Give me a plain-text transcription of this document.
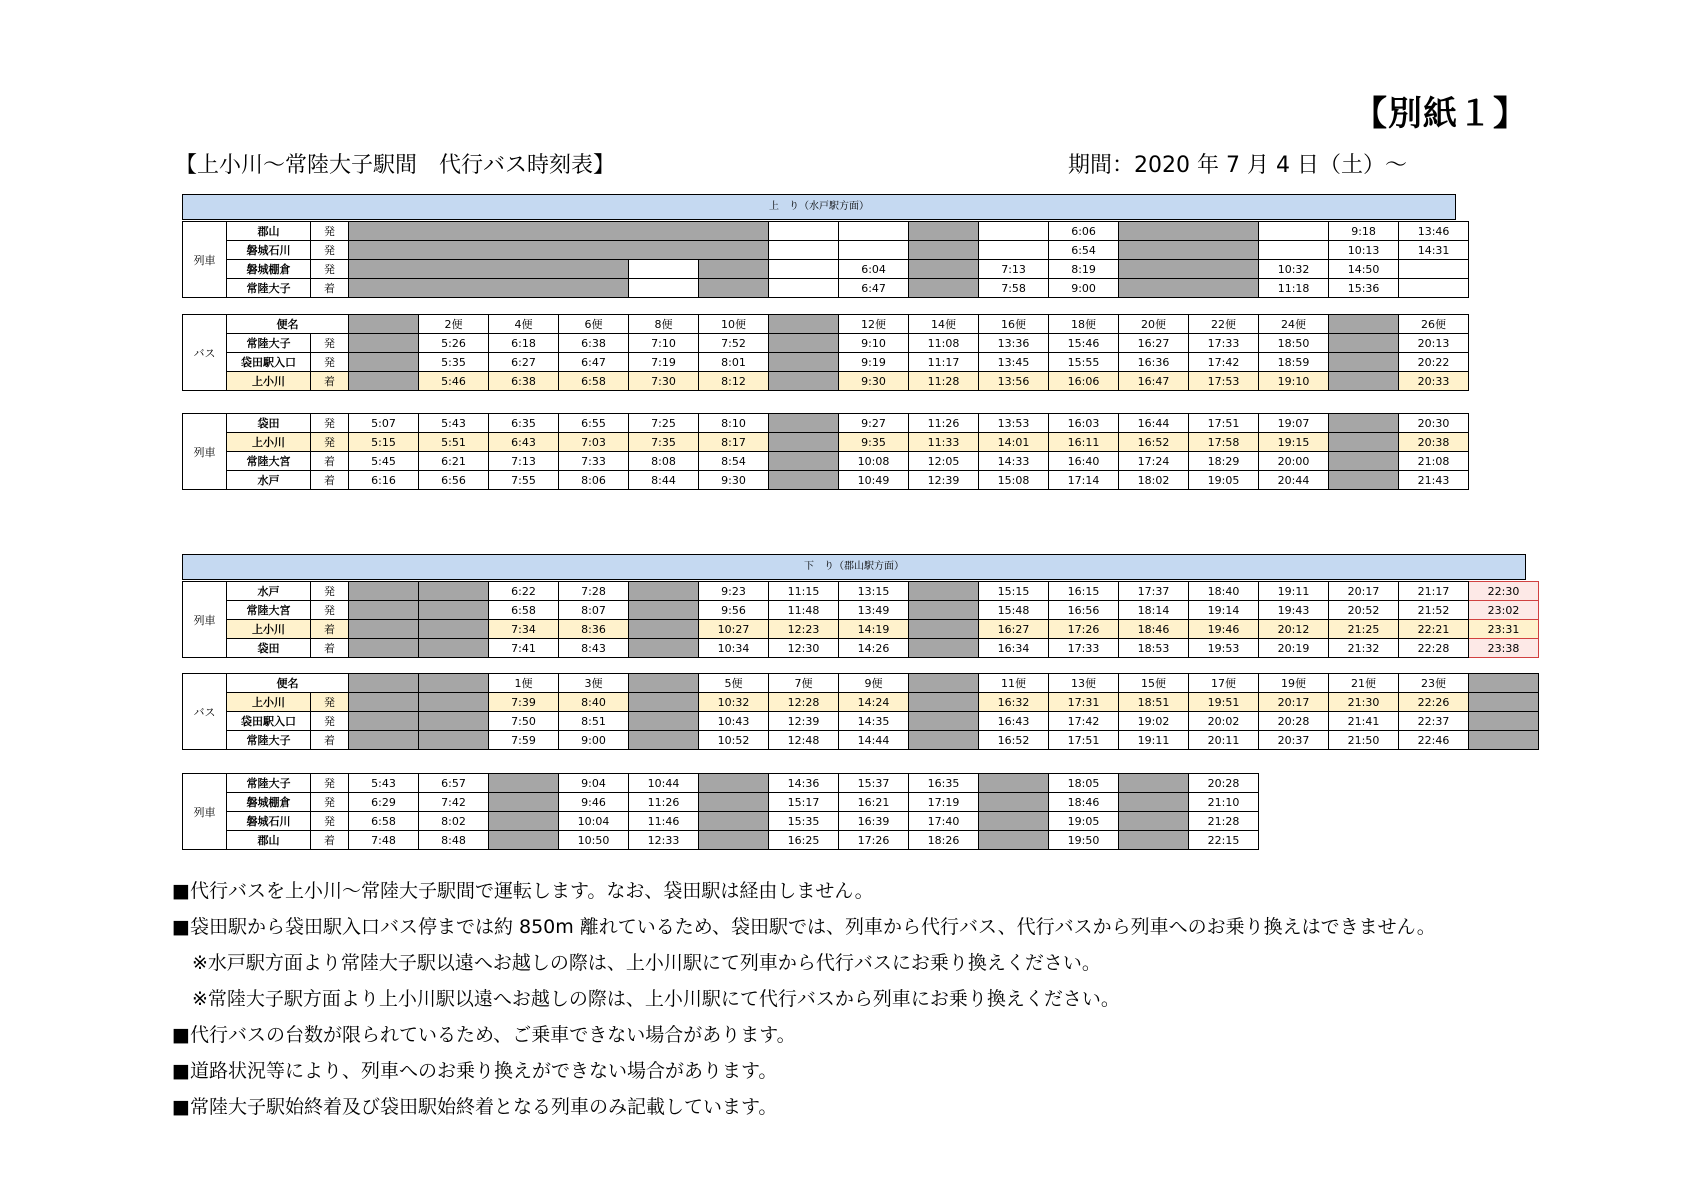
【別紙１】
【上小川～常陸大子駅間　代行バス時刻表】	期間：2020 年 7 月 4 日（土）～
上　り（水戸駅方面）
列車	郡山	発								6:06			9:18	13:46
	磐城石川	発								6:54			10:13	14:31
	磐城棚倉	発					6:04		7:13	8:19		10:32	14:50	
	常陸大子	着					6:47		7:58	9:00		11:18	15:36	
バス	便名			2便	4便	6便	8便	10便		12便	14便	16便	18便	20便	22便	24便		26便
	常陸大子	発		5:26	6:18	6:38	7:10	7:52		9:10	11:08	13:36	15:46	16:27	17:33	18:50		20:13
	袋田駅入口	発		5:35	6:27	6:47	7:19	8:01		9:19	11:17	13:45	15:55	16:36	17:42	18:59		20:22
	上小川	着		5:46	6:38	6:58	7:30	8:12		9:30	11:28	13:56	16:06	16:47	17:53	19:10		20:33
列車	袋田	発	5:07	5:43	6:35	6:55	7:25	8:10		9:27	11:26	13:53	16:03	16:44	17:51	19:07		20:30
	上小川	発	5:15	5:51	6:43	7:03	7:35	8:17		9:35	11:33	14:01	16:11	16:52	17:58	19:15		20:38
	常陸大宮	着	5:45	6:21	7:13	7:33	8:08	8:54		10:08	12:05	14:33	16:40	17:24	18:29	20:00		21:08
	水戸	着	6:16	6:56	7:55	8:06	8:44	9:30		10:49	12:39	15:08	17:14	18:02	19:05	20:44		21:43
下　り（郡山駅方面）
列車	水戸	発			6:22	7:28		9:23	11:15	13:15		15:15	16:15	17:37	18:40	19:11	20:17	21:17	22:30
	常陸大宮	発			6:58	8:07		9:56	11:48	13:49		15:48	16:56	18:14	19:14	19:43	20:52	21:52	23:02
	上小川	着			7:34	8:36		10:27	12:23	14:19		16:27	17:26	18:46	19:46	20:12	21:25	22:21	23:31
	袋田	着			7:41	8:43		10:34	12:30	14:26		16:34	17:33	18:53	19:53	20:19	21:32	22:28	23:38
バス	便名				1便	3便		5便	7便	9便		11便	13便	15便	17便	19便	21便	23便	
	上小川	発			7:39	8:40		10:32	12:28	14:24		16:32	17:31	18:51	19:51	20:17	21:30	22:26	
	袋田駅入口	発			7:50	8:51		10:43	12:39	14:35		16:43	17:42	19:02	20:02	20:28	21:41	22:37	
	常陸大子	着			7:59	9:00		10:52	12:48	14:44		16:52	17:51	19:11	20:11	20:37	21:50	22:46	
列車	常陸大子	発	5:43	6:57		9:04	10:44		14:36	15:37	16:35		18:05		20:28
	磐城棚倉	発	6:29	7:42		9:46	11:26		15:17	16:21	17:19		18:46		21:10
	磐城石川	発	6:58	8:02		10:04	11:46		15:35	16:39	17:40		19:05		21:28
	郡山	着	7:48	8:48		10:50	12:33		16:25	17:26	18:26		19:50		22:15
■代行バスを上小川～常陸大子駅間で運転します。なお、袋田駅は経由しません。
■袋田駅から袋田駅入口バス停までは約 850m 離れているため、袋田駅では、列車から代行バス、代行バスから列車へのお乗り換えはできません。
※水戸駅方面より常陸大子駅以遠へお越しの際は、上小川駅にて列車から代行バスにお乗り換えください。
※常陸大子駅方面より上小川駅以遠へお越しの際は、上小川駅にて代行バスから列車にお乗り換えください。
■代行バスの台数が限られているため、ご乗車できない場合があります。
■道路状況等により、列車へのお乗り換えができない場合があります。
■常陸大子駅始終着及び袋田駅始終着となる列車のみ記載しています。
